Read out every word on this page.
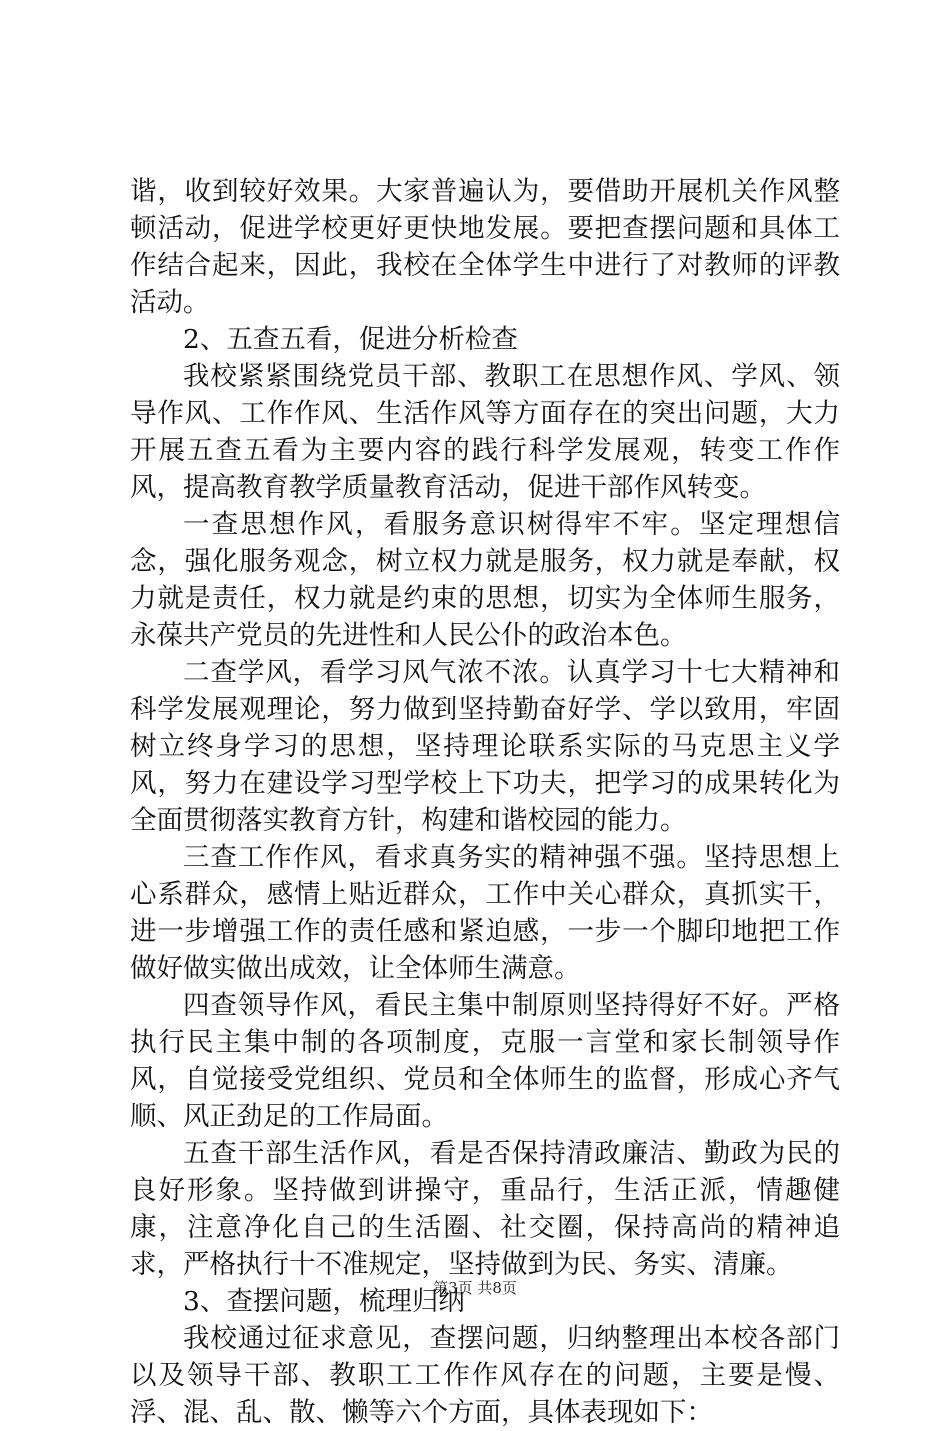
谐，收到较好效果。大家普遍认为，要借助开展机关作风整顿活动，促进学校更好更快地发展。要把查摆问题和具体工作结合起来，因此，我校在全体学生中进行了对教师的评教活动。

2、五查五看，促进分析检查

我校紧紧围绕党员干部、教职工在思想作风、学风、领导作风、工作作风、生活作风等方面存在的突出问题，大力开展五查五看为主要内容的践行科学发展观，转变工作作风，提高教育教学质量教育活动，促进干部作风转变。

一查思想作风，看服务意识树得牢不牢。坚定理想信念，强化服务观念，树立权力就是服务，权力就是奉献，权力就是责任，权力就是约束的思想，切实为全体师生服务，永葆共产党员的先进性和人民公仆的政治本色。

二查学风，看学习风气浓不浓。认真学习十七大精神和科学发展观理论，努力做到坚持勤奋好学、学以致用，牢固树立终身学习的思想，坚持理论联系实际的马克思主义学风，努力在建设学习型学校上下功夫，把学习的成果转化为全面贯彻落实教育方针，构建和谐校园的能力。

三查工作作风，看求真务实的精神强不强。坚持思想上心系群众，感情上贴近群众，工作中关心群众，真抓实干，进一步增强工作的责任感和紧迫感，一步一个脚印地把工作做好做实做出成效，让全体师生满意。

四查领导作风，看民主集中制原则坚持得好不好。严格执行民主集中制的各项制度，克服一言堂和家长制领导作风，自觉接受党组织、党员和全体师生的监督，形成心齐气顺、风正劲足的工作局面。

五查干部生活作风，看是否保持清政廉洁、勤政为民的良好形象。坚持做到讲操守，重品行，生活正派，情趣健康，注意净化自己的生活圈、社交圈，保持高尚的精神追求，严格执行十不准规定，坚持做到为民、务实、清廉。

3、查摆问题，梳理归纳

我校通过征求意见，查摆问题，归纳整理出本校各部门以及领导干部、教职工工作作风存在的问题，主要是慢、浮、混、乱、散、懒等六个方面，具体表现如下：

第3页 共8页
